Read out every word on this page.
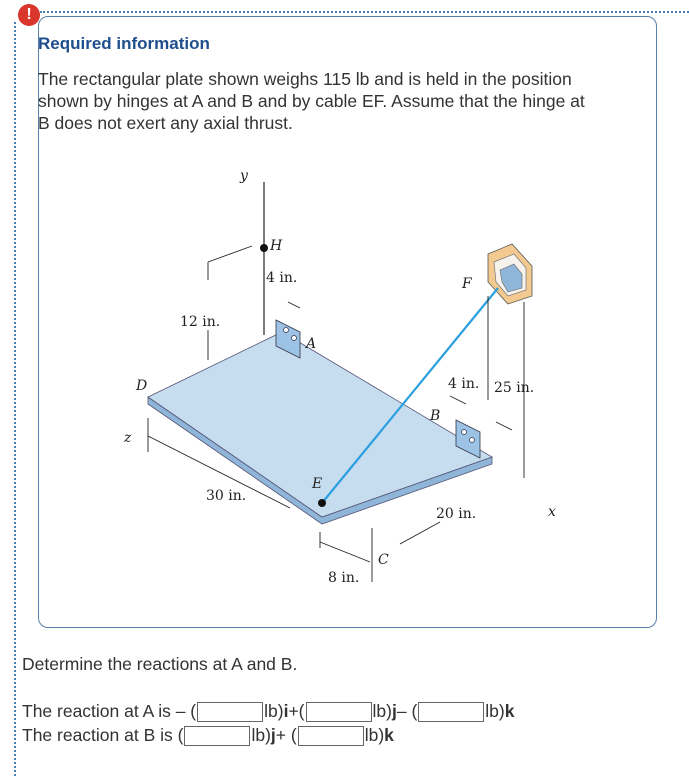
!
Required information
The rectangular plate shown weighs 115 lb and is held in the position shown by hinges at A and B and by cable EF. Assume that the hinge at B does not exert any axial thrust.
y
H
4 in.
A
12 in.
D
F
4 in. 25 in.
B
z
E
30 in.
20 in.	x
C
8 in.
Determine the reactions at A and B.
The reaction at A is – (	lb) i +(	lb) j – (	lb) k
The reaction at B is (	lb) j + (	lb) k
